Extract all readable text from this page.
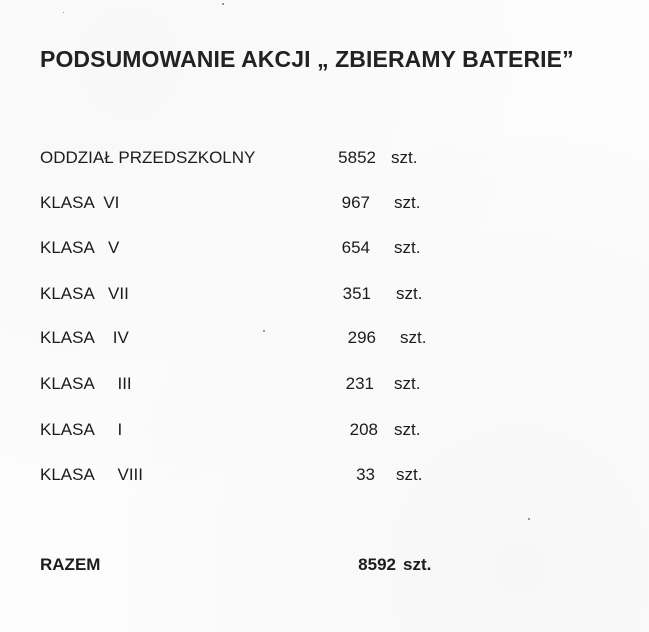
PODSUMOWANIE AKCJI „ ZBIERAMY BATERIE”
ODDZIAŁ PRZEDSZKOLNY	5852 szt.
KLASA  VI	967 szt.
KLASA   V	654 szt.
KLASA   VII	351 szt.
KLASA    IV	296 szt.
KLASA     III	231 szt.
KLASA     I	208 szt.
KLASA     VIII	33 szt.
RAZEM	8592 szt.
